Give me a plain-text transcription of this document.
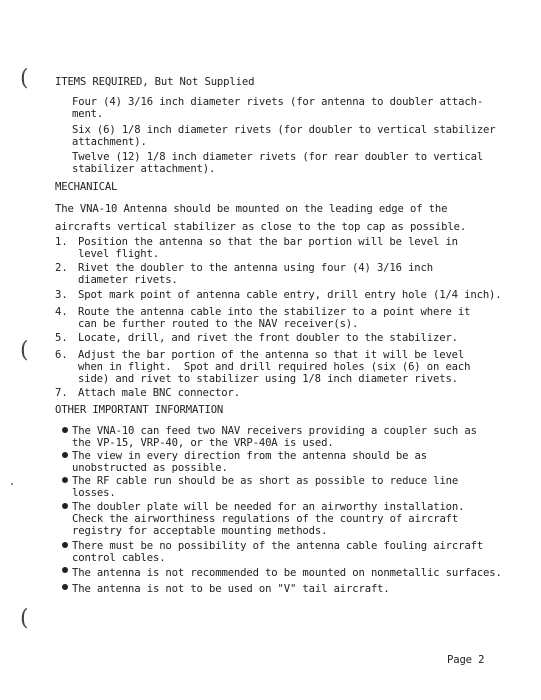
(
(
(
ITEMS REQUIRED, But Not Supplied
Four (4) 3/16 inch diameter rivets (for antenna to doubler attach-
ment.
Six (6) 1/8 inch diameter rivets (for doubler to vertical stabilizer
attachment).
Twelve (12) 1/8 inch diameter rivets (for rear doubler to vertical
stabilizer attachment).
MECHANICAL
The VNA-10 Antenna should be mounted on the leading edge of the
aircrafts vertical stabilizer as close to the top cap as possible.
1. Position the antenna so that the bar portion will be level in
level flight.
2. Rivet the doubler to the antenna using four (4) 3/16 inch
diameter rivets.
3. Spot mark point of antenna cable entry, drill entry hole (1/4 inch).
4. Route the antenna cable into the stabilizer to a point where it
can be further routed to the NAV receiver(s).
5. Locate, drill, and rivet the front doubler to the stabilizer.
6. Adjust the bar portion of the antenna so that it will be level
when in flight.  Spot and drill required holes (six (6) on each
side) and rivet to stabilizer using 1/8 inch diameter rivets.
7. Attach male BNC connector.
OTHER IMPORTANT INFORMATION
The VNA-10 can feed two NAV receivers providing a coupler such as
the VP-15, VRP-40, or the VRP-40A is used.
The view in every direction from the antenna should be as
unobstructed as possible.
The RF cable run should be as short as possible to reduce line
losses.
The doubler plate will be needed for an airworthy installation.
Check the airworthiness regulations of the country of aircraft
registry for acceptable mounting methods.
There must be no possibility of the antenna cable fouling aircraft
control cables.
The antenna is not recommended to be mounted on nonmetallic surfaces.
The antenna is not to be used on "V" tail aircraft.
Page 2
